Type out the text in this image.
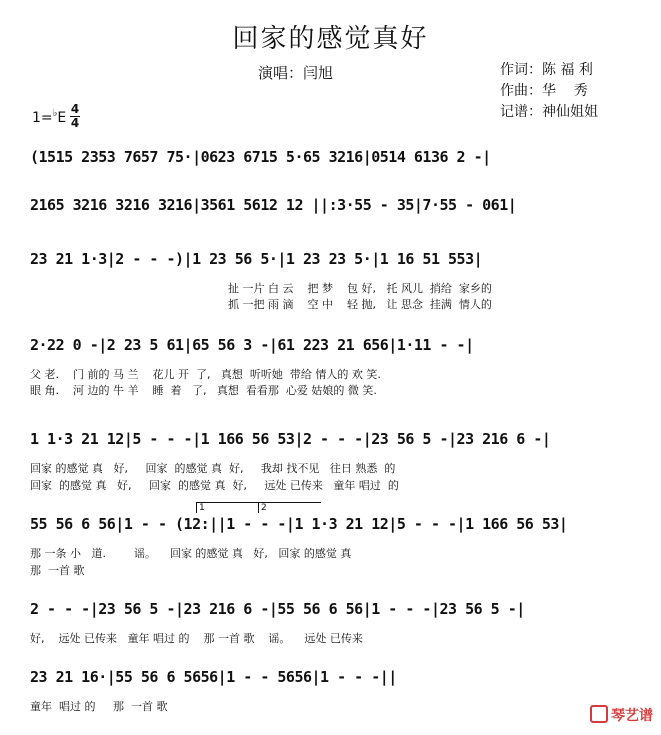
回家的感觉真好
演唱：闫旭	作词：陈 福 利
作曲：华    秀
记谱：神仙姐姐
1=♭E
4
4
(1515 2353 7657 75·|0623 6715 5·65 3216|0514 6136 2 -|
2165 3216 3216 3216|3561 5612 12 ||:3·55 - 35|7·55 - 061|
23 21 1·3|2 - - -)|1 23 56 5·|1 23 23 5·|1 16 51 553|
扯 一片 白 云    把 梦    包 好,   托 风儿  捎给  家乡的
抓 一把 雨 滴    空 中    轻 抛,   让 思念  挂满  情人的
2·22 0 -|2 23 5 61|65 56 3 -|61 223 21 656|1·11 - -|
父 老.    门 前的 马 兰    花儿 开  了,   真想  听听她  带给 情人的 欢 笑.
眼 角.    河 边的 牛 羊    睡  着   了,   真想  看看那  心爱 姑娘的 微 笑.
1 1·3 21 12|5 - - -|1 166 56 53|2 - - -|23 56 5 -|23 216 6 -|
回家 的感觉 真   好,     回家  的感觉 真  好,     我却 找不见   往日 熟悉  的
回家  的感觉 真   好,     回家  的感觉 真  好,     远处 已传来   童年 唱过  的
1	2
55 56 6 56|1 - - (12:||1 - - -|1 1·3 21 12|5 - - -|1 166 56 53|
那 一条 小   道.        谣。    回家 的感觉 真   好,   回家 的感觉 真
那  一首 歌
2 - - -|23 56 5 -|23 216 6 -|55 56 6 56|1 - - -|23 56 5 -|
好,    远处 已传来   童年 唱过 的    那 一首 歌    谣。    远处 已传来
23 21 16·|55 56 6 5656|1 - - 5656|1 - - -||
童年  唱过 的     那  一首 歌
琴艺谱
